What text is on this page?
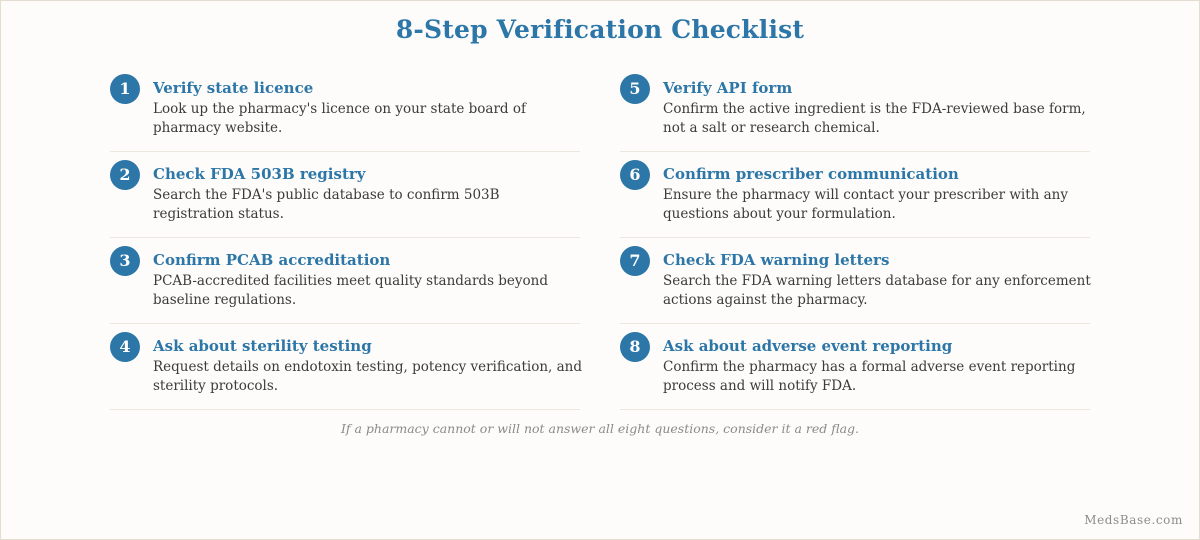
8-Step Verification Checklist
1	Verify state licence
Look up the pharmacy's licence on your state board of pharmacy website.
2	Check FDA 503B registry
Search the FDA's public database to confirm 503B registration status.
3	Confirm PCAB accreditation
PCAB-accredited facilities meet quality standards beyond baseline regulations.
4	Ask about sterility testing
Request details on endotoxin testing, potency verification, and sterility protocols.
5	Verify API form
Confirm the active ingredient is the FDA-reviewed base form, not a salt or research chemical.
6	Confirm prescriber communication
Ensure the pharmacy will contact your prescriber with any questions about your formulation.
7	Check FDA warning letters
Search the FDA warning letters database for any enforcement actions against the pharmacy.
8	Ask about adverse event reporting
Confirm the pharmacy has a formal adverse event reporting process and will notify FDA.
If a pharmacy cannot or will not answer all eight questions, consider it a red flag.
MedsBase.com
